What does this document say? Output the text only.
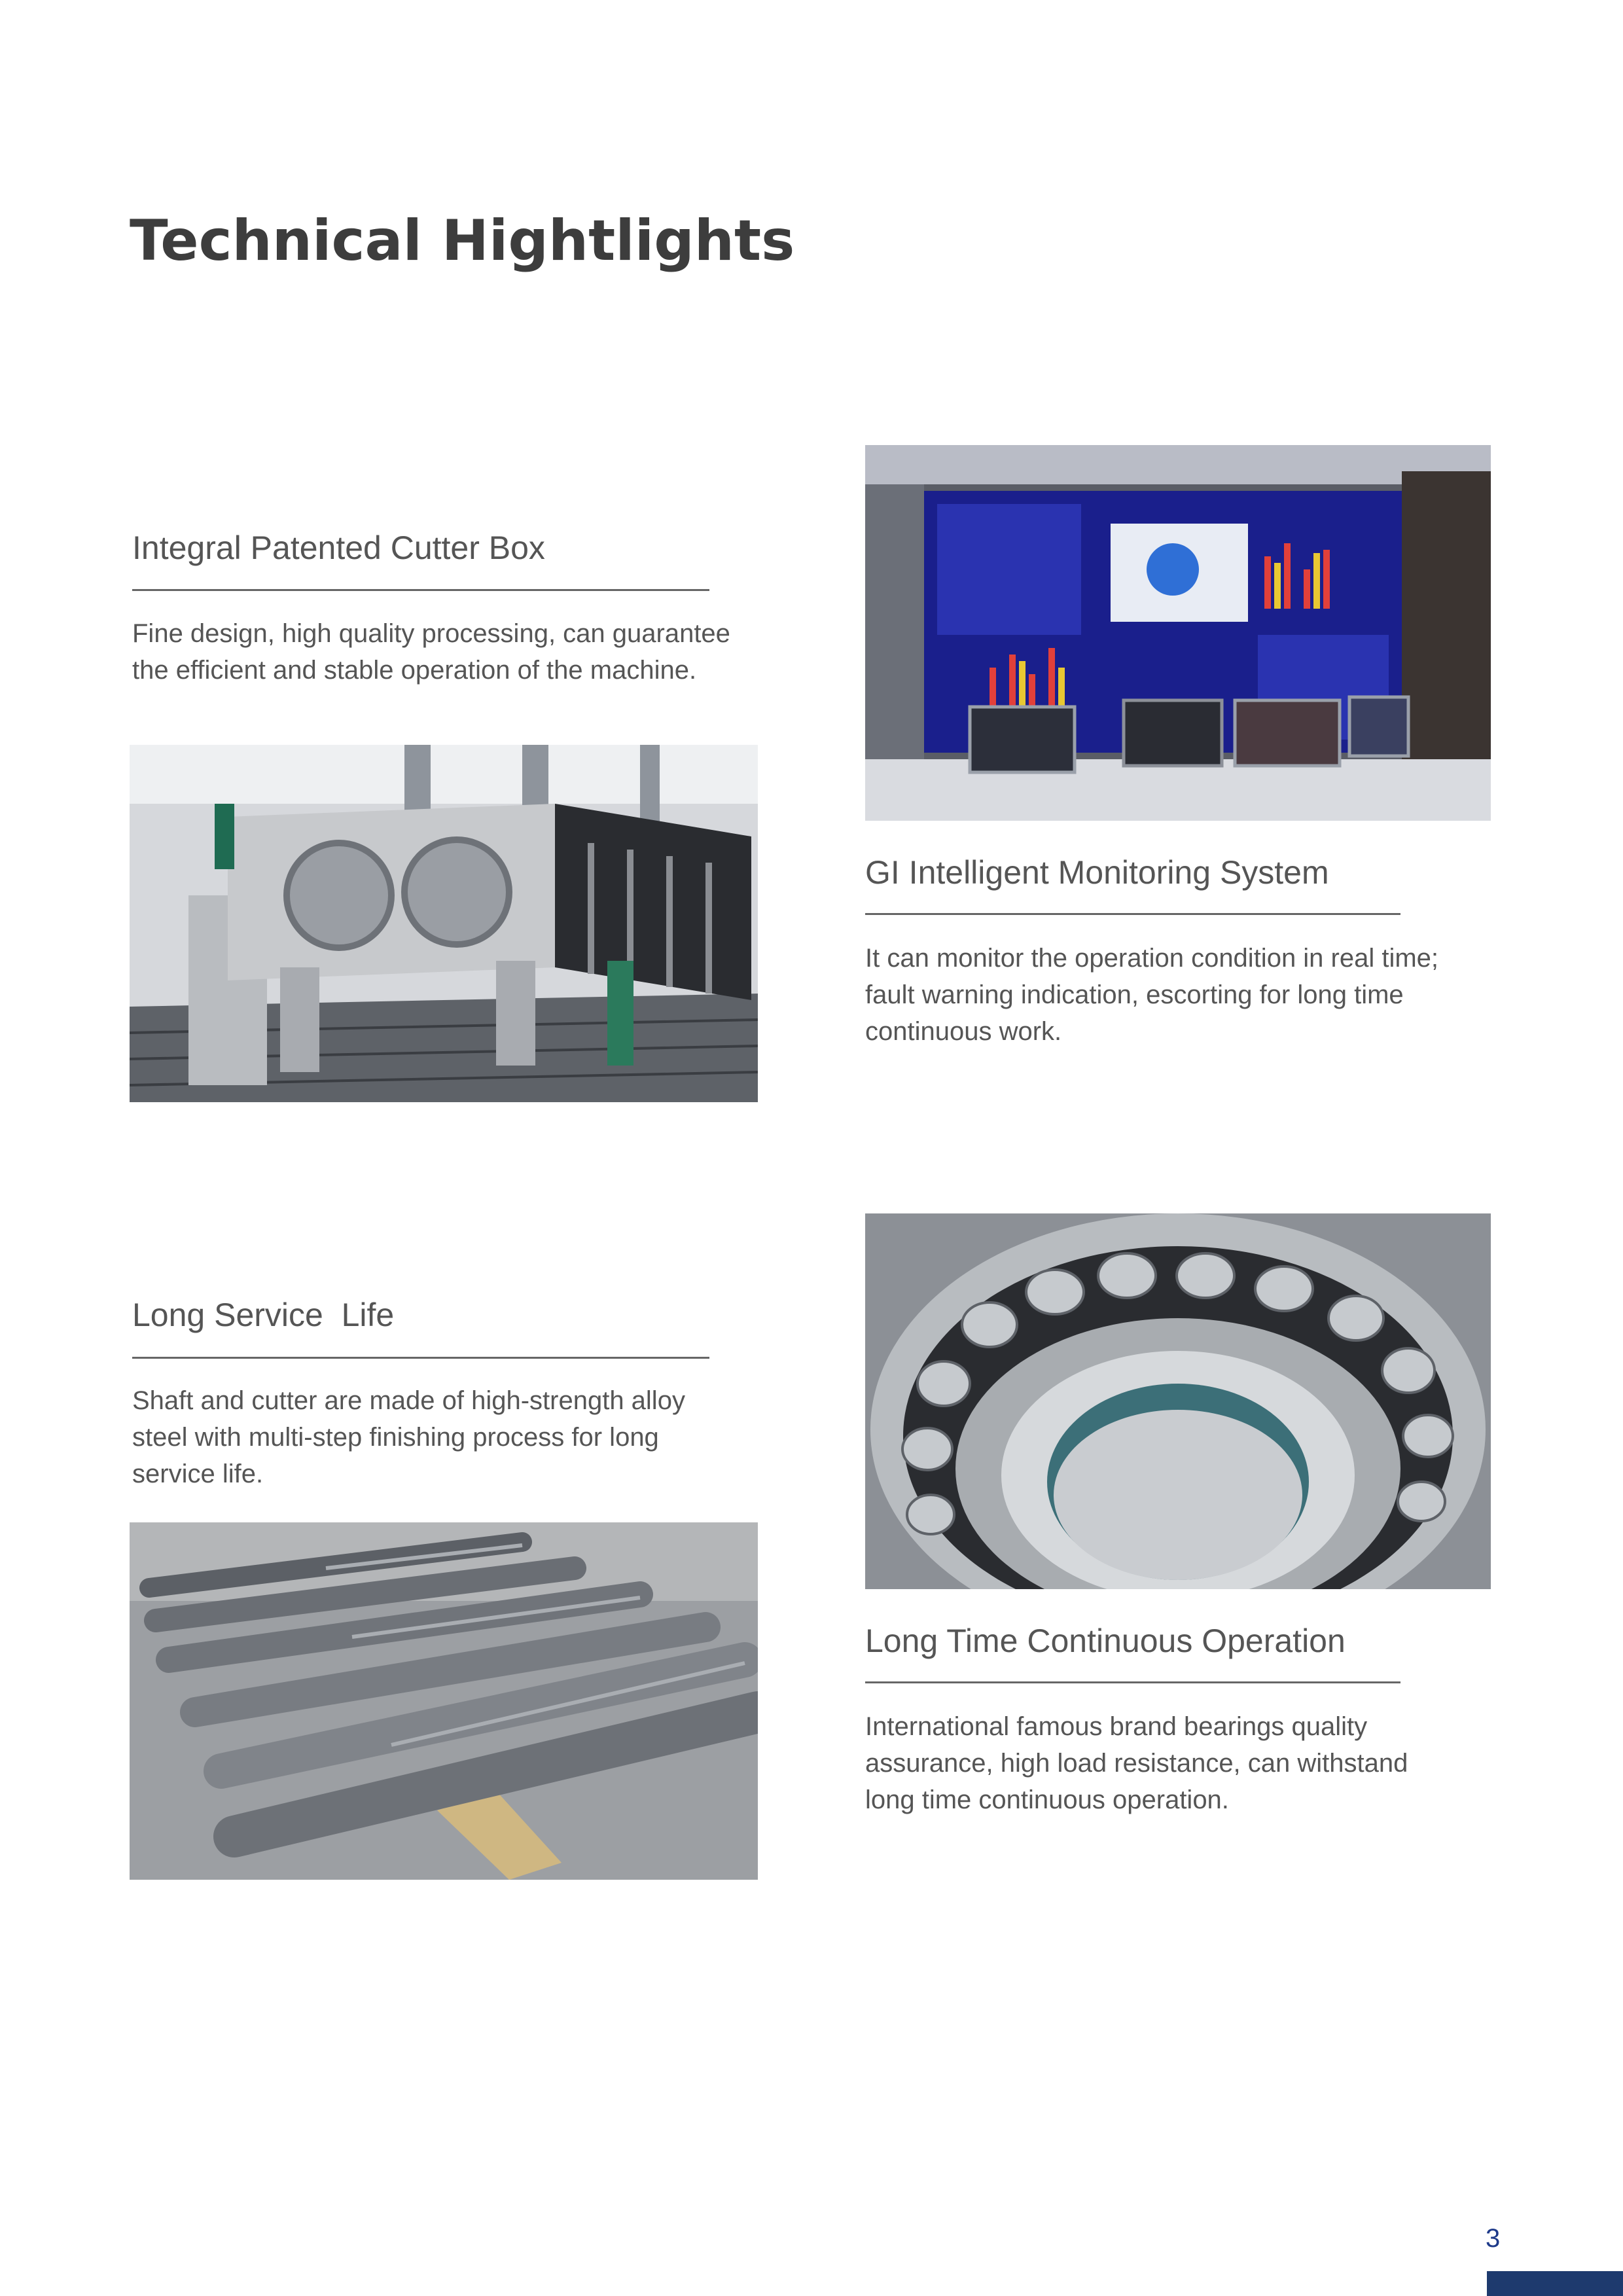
Technical Hightlights
Integral Patented Cutter Box
Fine design, high quality processing, can guarantee the efficient and stable operation of the machine.
GI Intelligent Monitoring System
It can monitor the operation condition in real time; fault warning indication, escorting for long time continuous work.
Long Service  Life
Shaft and cutter are made of high-strength alloy steel with multi-step finishing process for long service life.
Long Time Continuous Operation
International famous brand bearings quality assurance, high load resistance, can withstand long time continuous operation.
3
